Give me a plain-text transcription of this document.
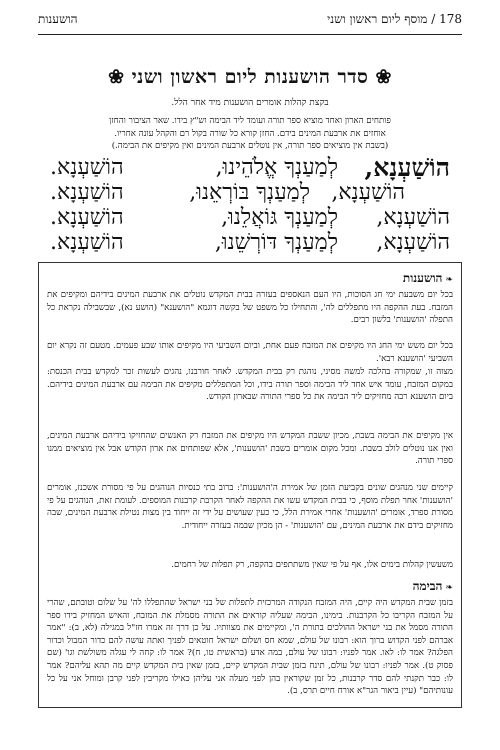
178 / מוסף ליום ראשון ושני
הושענות
❀ סדר הושענות ליום ראשון ושני ❀
בקצת קהלות אומרים הושענות מיד אחר הלל.
פותחים הארון ואחד מוציא ספר תורה ועומד ליד הבימה וש"ץ בידו. שאר הציבור והחזן
אוחזים את ארבעת המינים בידם. החזן קורא כל שורה בקול רם והקהל עונה אחריו.
(בשבת אין מוציאים ספר תורה, אין נוטלים ארבעת המינים ואין מקיפים את הבימה.)
הוֹשַׁעְנָא,
לְמַעַנְךָ אֱלֹהֵינוּ,
הוֹשַׁעְנָא.
הוֹשַׁעְנָא,
לְמַעַנְךָ בּוֹרְאֵנוּ,
הוֹשַׁעְנָא.
הוֹשַׁעְנָא,
לְמַעַנְךָ גּוֹאֲלֵנוּ,
הוֹשַׁעְנָא.
הוֹשַׁעְנָא,
לְמַעַנְךָ דּוֹרְשֵׁנוּ,
הוֹשַׁעְנָא.
❧הושענות
בכל יום משבעת ימי חג הסוכות, היו העם הנאספים בעזרה בבית המקדש נוטלים את ארבעת המינים בידיהם ומקיפים את המזבח. בעת ההקפה היו מתפללים לה', והתחילו כל משפט של בקשה דוגמא "הושענא" (הושע נא), שבשבילה נקראת כל התפלה 'הושענות' בלשון רבים.
בכל יום משש ימי החג היו מקיפים את המזבח פעם אחת, וביום השביעי היו מקיפים אותו שבע פעמים. מטעם זה נקרא יום השביעי 'הושענא רבא'.
מצוה זו, שמקורה בהלכה למשה מסיני, נוהגת רק בבית המקדש. לאחר חורבנו, נהגים לעשות זכר למקדש בבית הכנסת: במקום המזבח, עומד איש אחד ליד הבימה וספר תורה בידו, וכל המתפללים מקיפים את הבימה עם ארבעת המינים בידיהם. ביום הושענא רבה מחזיקים ליד הבימה את כל ספרי התורה שבארון הקודש.
אין מקיפים את הבימה בשבת, מכיון ששבת המקדש היו מקיפים את המזבח רק האנשים שהחזיקו בידיהם ארבעת המינים, ואין אנו נוטלים לולב בשבת. ומכל מקום אומרים בשבת 'הושענות', אלא שפותחים את ארון הקודש אבל אין מוציאים ממנו ספרי תורה.
קיימים שני מנהגים שונים בקביעת הזמן של אמירת ה'הושענות': ברוב בתי כנסיות הנוהגים על פי מסורת אשכנז, אומרים 'הושענות' אחר תפלת מוסף, כי בבית המקדש עשו את ההקפה לאחר הקרבת קרבנות המוספים. לעומת זאת, הנוהגים על פי מסורת ספרד, אומרים 'הושענות' אחרי אמירת הלל, כי כעין שעושים על ידי זה ייחוד בין מצות נטילת ארבעת המינים, שבה מחזיקים בידם את ארבעת המינים, עם 'הושענות' - הן מכיון שבמה בעזרה ייחודית.
משעשין קהלות בימים אלו, אף על פי שאין משתתפים בהקפה, רק תפלות של רחמים.
❧הבימה
בזמן שבית המקדש היה קיים, היה המזבח הנקודה המרכזית לתפלות של בני ישראל שהתפללו לה' על שלום וטובתם, שהרי על המזבח הקריבו כל הקרבנות. בימינו, הבימה שעליה קוראים את התורה מסמלת את המזבח, והאיש המחזיק בידו ספר התורה מסמל את בני ישראל ההולכים בתורת ה', ומקיימים את מצוותיו. על כן דרך זה אמרו חז"ל במגילה (לא, ב): "אמר אברהם לפני הקדוש ברוך הוא: רבונו של עולם, שמא חס ושלום ישראל חוטאים לפניך ואתה עושה להם כדור המבול וכדור הפלגה? אמר לו: לאו. אמר לפניו: רבונו של עולם, במה אדע (בראשית טו, ח)? אמר לו: קחה לי עגלה משולשת וגו' (שם פסוק ט). אמר לפניו: רבונו של עולם, תינח בזמן שבית המקדש קיים, בזמן שאין בית המקדש קיים מה תהא עליהם? אמר לו: כבר תקנתי להם סדר קרבנות, כל זמן שקוראין בהן לפני מעלה אני עליהן כאילו מקריבין לפני קרבן ומוחל אני על כל עונותיהם" (עיין ביאור הגר"א אורח חיים תרס, ב).
